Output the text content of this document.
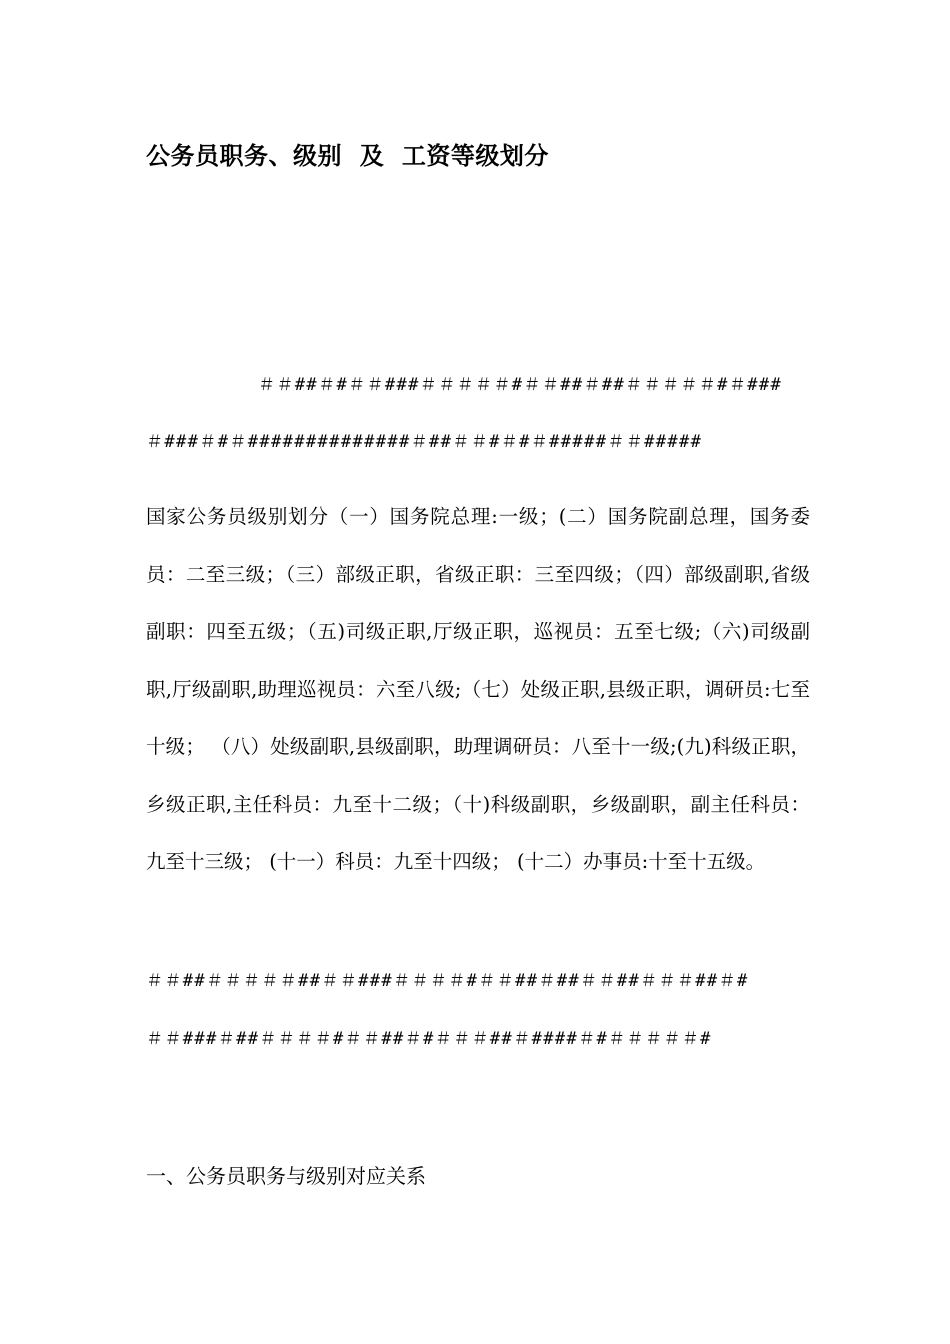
公务员职务、级别  及  工资等级划分

＃＃##＃#＃＃###＃＃＃＃＃#＃＃##＃##＃＃＃＃＃#＃###

＃###＃#＃##############＃##＃＃#＃#＃#####＃＃#####

国家公务员级别划分（一）国务院总理:一级；(二）国务院副总理，国务委员：二至三级；（三）部级正职，省级正职：三至四级；（四）部级副职,省级副职：四至五级；（五)司级正职,厅级正职，巡视员：五至七级;（六)司级副职,厅级副职,助理巡视员：六至八级;（七）处级正职,县级正职，调研员:七至十级； （八）处级副职,县级副职，助理调研员：八至十一级;(九)科级正职，乡级正职,主任科员：九至十二级；（十)科级副职，乡级副职，副主任科员：九至十三级； (十一）科员：九至十四级； (十二）办事员:十至十五级。

＃＃##＃＃＃＃＃##＃＃###＃＃＃＃#＃＃##＃##＃＃##＃＃＃##＃#

＃＃###＃##＃＃＃＃#＃＃##＃#＃＃＃##＃####＃#＃＃＃＃＃#

一、公务员职务与级别对应关系
